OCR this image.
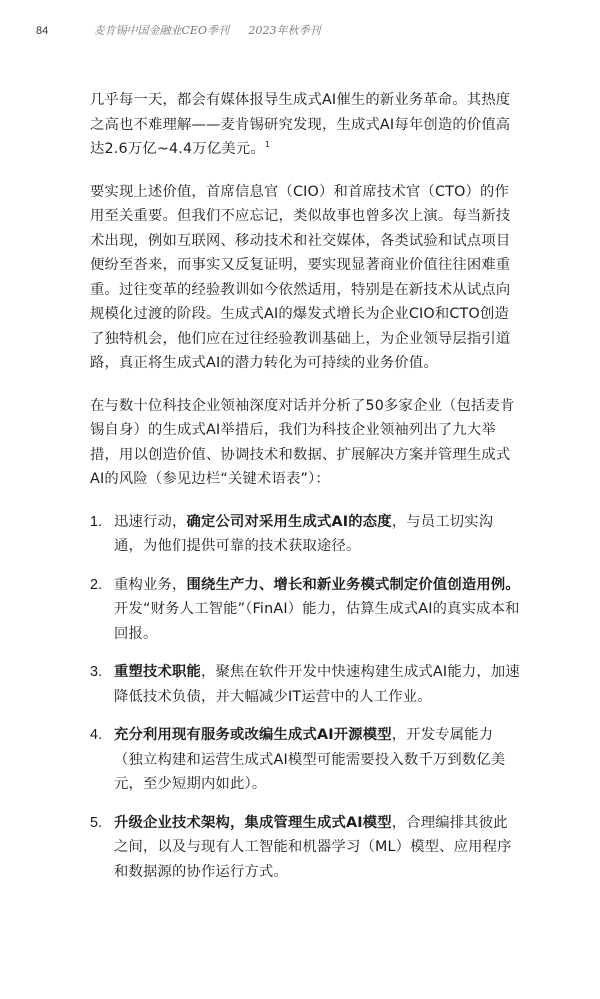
84	麦肯锡中国金融业CEO季刊 2023年秋季刊

几乎每一天，都会有媒体报导生成式AI催生的新业务革命。其热度之高也不难理解——麦肯锡研究发现，生成式AI每年创造的价值高达2.6万亿~4.4万亿美元。$^1$

要实现上述价值，首席信息官（CIO）和首席技术官（CTO）的作用至关重要。但我们不应忘记，类似故事也曾多次上演。每当新技术出现，例如互联网、移动技术和社交媒体，各类试验和试点项目便纷至沓来，而事实又反复证明，要实现显著商业价值往往困难重重。过往变革的经验教训如今依然适用，特别是在新技术从试点向规模化过渡的阶段。生成式AI的爆发式增长为企业CIO和CTO创造了独特机会，他们应在过往经验教训基础上，为企业领导层指引道路，真正将生成式AI的潜力转化为可持续的业务价值。

在与数十位科技企业领袖深度对话并分析了50多家企业（包括麦肯锡自身）的生成式AI举措后，我们为科技企业领袖列出了九大举措，用以创造价值、协调技术和数据、扩展解决方案并管理生成式AI的风险（参见边栏“关键术语表”）：

1. 迅速行动，确定公司对采用生成式AI的态度，与员工切实沟通，为他们提供可靠的技术获取途径。
2. 重构业务，围绕生产力、增长和新业务模式制定价值创造用例。开发“财务人工智能”（FinAI）能力，估算生成式AI的真实成本和回报。
3. 重塑技术职能，聚焦在软件开发中快速构建生成式AI能力，加速降低技术负债，并大幅减少IT运营中的人工作业。
4. 充分利用现有服务或改编生成式AI开源模型，开发专属能力（独立构建和运营生成式AI模型可能需要投入数千万到数亿美元，至少短期内如此）。
5. 升级企业技术架构，集成管理生成式AI模型，合理编排其彼此之间，以及与现有人工智能和机器学习（ML）模型、应用程序和数据源的协作运行方式。
